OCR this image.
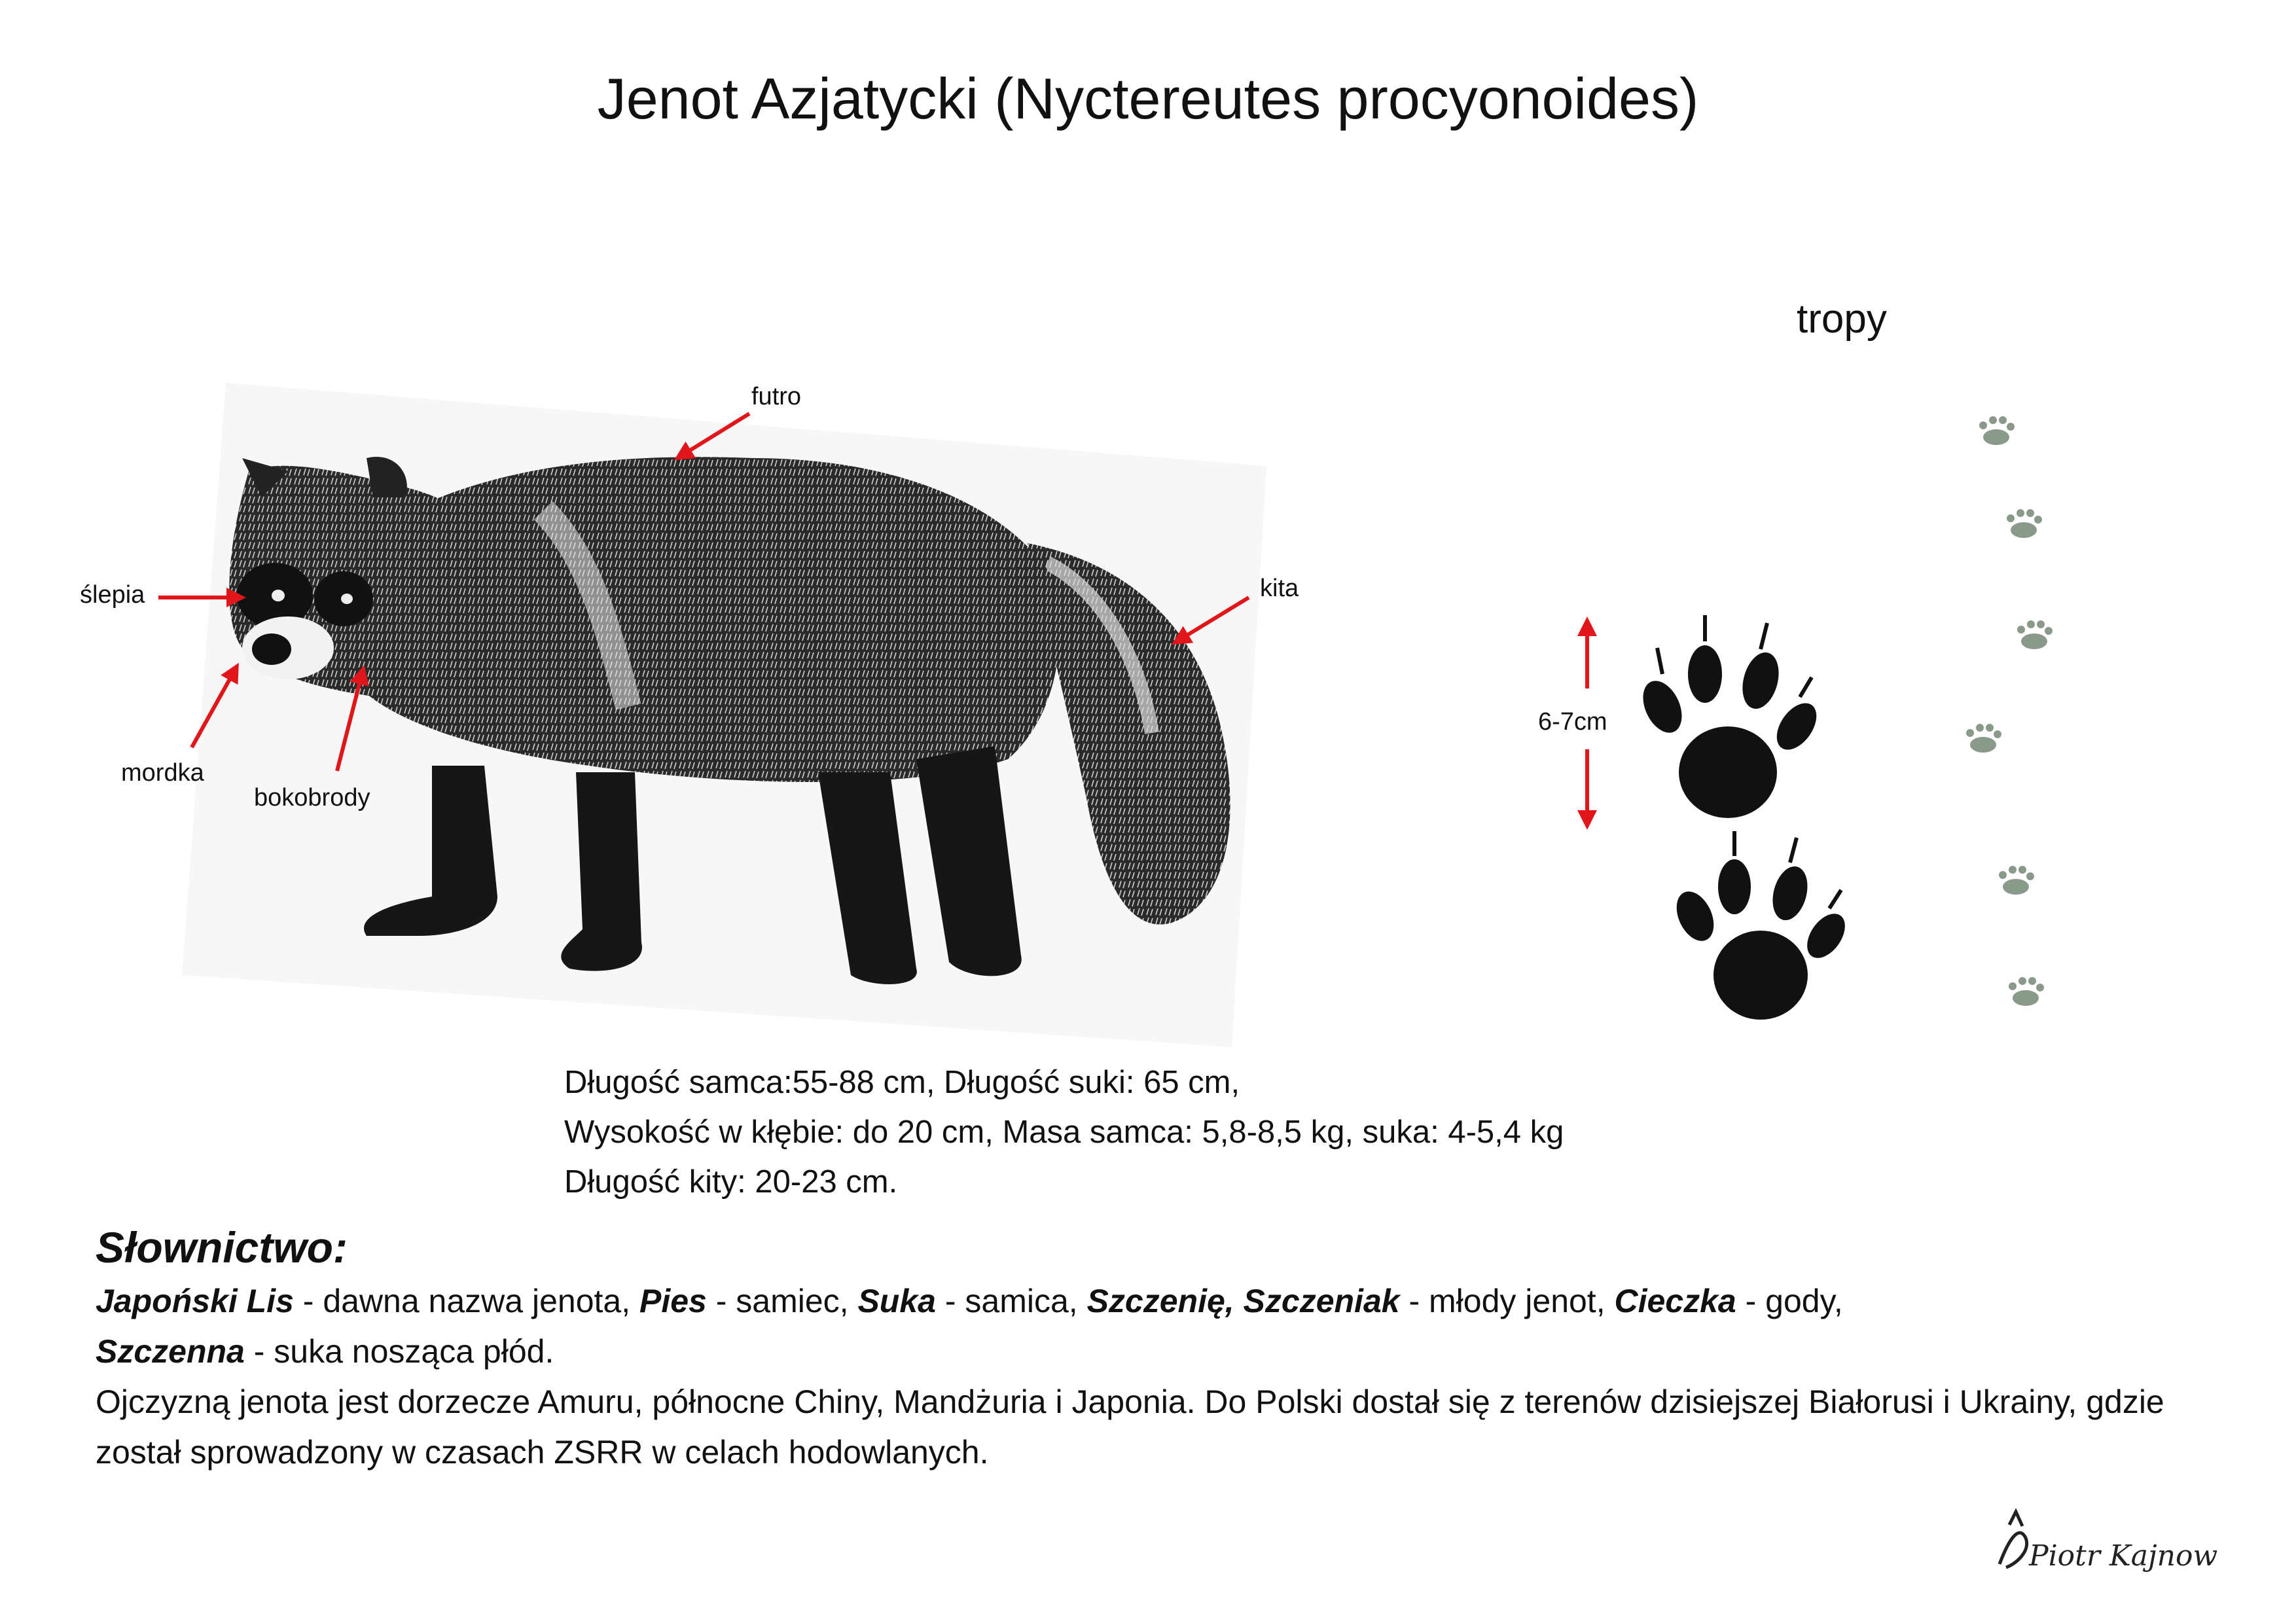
Jenot Azjatycki (Nyctereutes procyonoides)
Piotr Kajnow
futro
ślepia	kita
mordka
bokobrody
6-7cm
tropy
Długość samca:55-88 cm, Długość suki: 65 cm,
Wysokość w kłębie: do 20 cm, Masa samca: 5,8-8,5 kg, suka: 4-5,4 kg
Długość kity: 20-23 cm.
Słownictwo:
Japoński Lis - dawna nazwa jenota, Pies - samiec, Suka - samica, Szczenię, Szczeniak - młody jenot, Cieczka - gody,
Szczenna - suka nosząca płód.
Ojczyzną jenota jest dorzecze Amuru, północne Chiny, Mandżuria i Japonia. Do Polski dostał się z terenów dzisiejszej Białorusi i Ukrainy, gdzie został sprowadzony w czasach ZSRR w celach hodowlanych.
